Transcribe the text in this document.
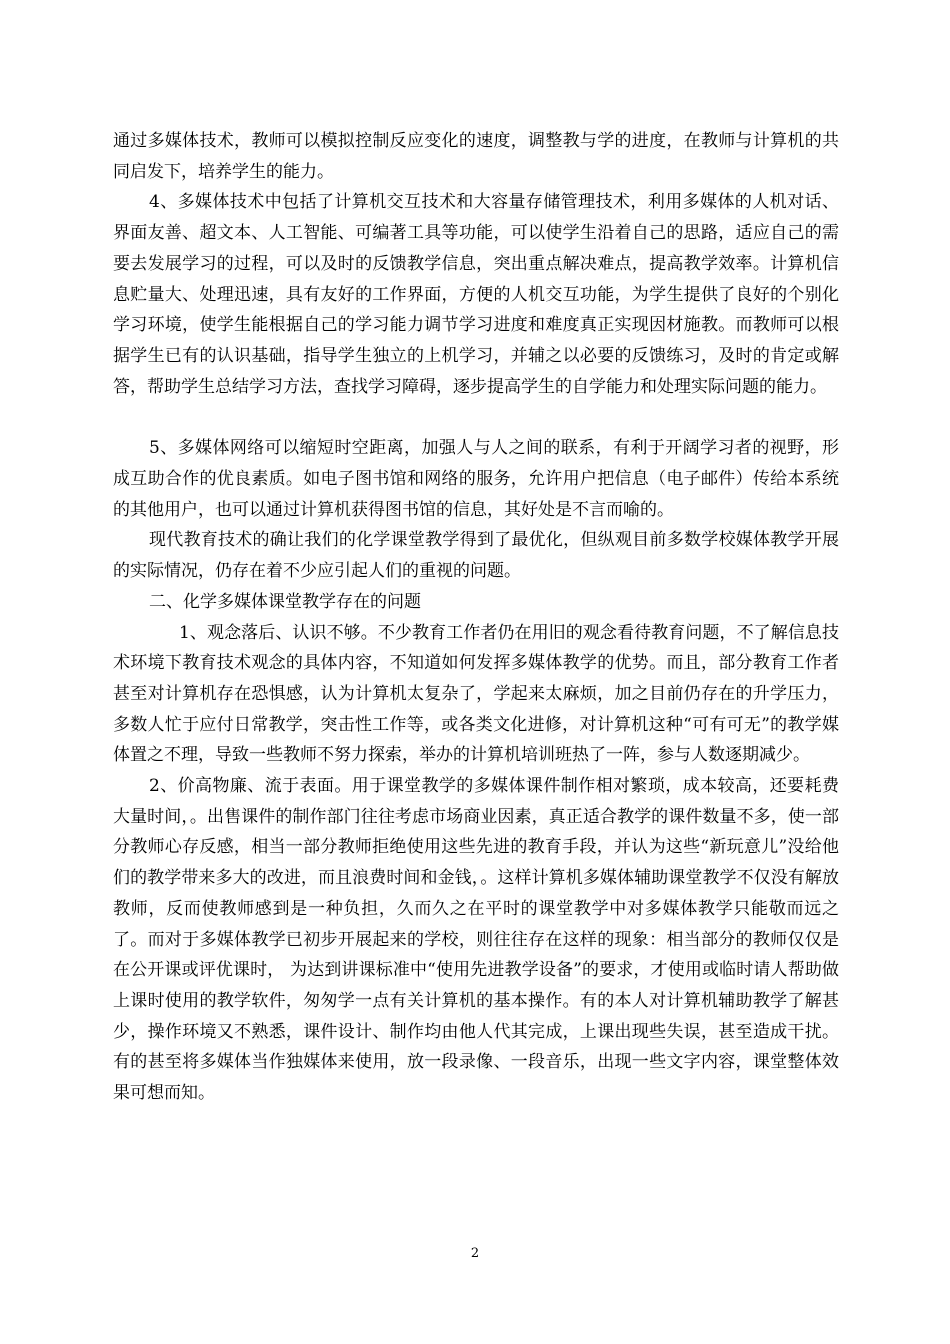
通过多媒体技术，教师可以模拟控制反应变化的速度，调整教与学的进度，在教师与计算机的共同启发下，培养学生的能力。

4、多媒体技术中包括了计算机交互技术和大容量存储管理技术，利用多媒体的人机对话、界面友善、超文本、人工智能、可编著工具等功能，可以使学生沿着自己的思路，适应自己的需要去发展学习的过程，可以及时的反馈教学信息，突出重点解决难点，提高教学效率。计算机信息贮量大、处理迅速，具有友好的工作界面，方便的人机交互功能，为学生提供了良好的个别化学习环境，使学生能根据自己的学习能力调节学习进度和难度真正实现因材施教。而教师可以根据学生已有的认识基础，指导学生独立的上机学习，并辅之以必要的反馈练习，及时的肯定或解答，帮助学生总结学习方法，查找学习障碍，逐步提高学生的自学能力和处理实际问题的能力。

5、多媒体网络可以缩短时空距离，加强人与人之间的联系，有利于开阔学习者的视野，形成互助合作的优良素质。如电子图书馆和网络的服务，允许用户把信息（电子邮件）传给本系统的其他用户，也可以通过计算机获得图书馆的信息，其好处是不言而喻的。

现代教育技术的确让我们的化学课堂教学得到了最优化，但纵观目前多数学校媒体教学开展的实际情况，仍存在着不少应引起人们的重视的问题。

二、化学多媒体课堂教学存在的问题

1、观念落后、认识不够。不少教育工作者仍在用旧的观念看待教育问题，不了解信息技术环境下教育技术观念的具体内容，不知道如何发挥多媒体教学的优势。而且，部分教育工作者甚至对计算机存在恐惧感，认为计算机太复杂了，学起来太麻烦，加之目前仍存在的升学压力，多数人忙于应付日常教学，突击性工作等，或各类文化进修，对计算机这种“可有可无”的教学媒体置之不理，导致一些教师不努力探索，举办的计算机培训班热了一阵，参与人数逐期减少。

2、价高物廉、流于表面。用于课堂教学的多媒体课件制作相对繁琐，成本较高，还要耗费大量时间，。出售课件的制作部门往往考虑市场商业因素，真正适合教学的课件数量不多，使一部分教师心存反感，相当一部分教师拒绝使用这些先进的教育手段，并认为这些“新玩意儿”没给他们的教学带来多大的改进，而且浪费时间和金钱，。这样计算机多媒体辅助课堂教学不仅没有解放教师，反而使教师感到是一种负担，久而久之在平时的课堂教学中对多媒体教学只能敬而远之了。而对于多媒体教学已初步开展起来的学校，则往往存在这样的现象：相当部分的教师仅仅是在公开课或评优课时， 为达到讲课标准中“使用先进教学设备”的要求，才使用或临时请人帮助做上课时使用的教学软件，匆匆学一点有关计算机的基本操作。有的本人对计算机辅助教学了解甚少，操作环境又不熟悉，课件设计、制作均由他人代其完成，上课出现些失误，甚至造成干扰。有的甚至将多媒体当作独媒体来使用，放一段录像、一段音乐，出现一些文字内容，课堂整体效果可想而知。

2
